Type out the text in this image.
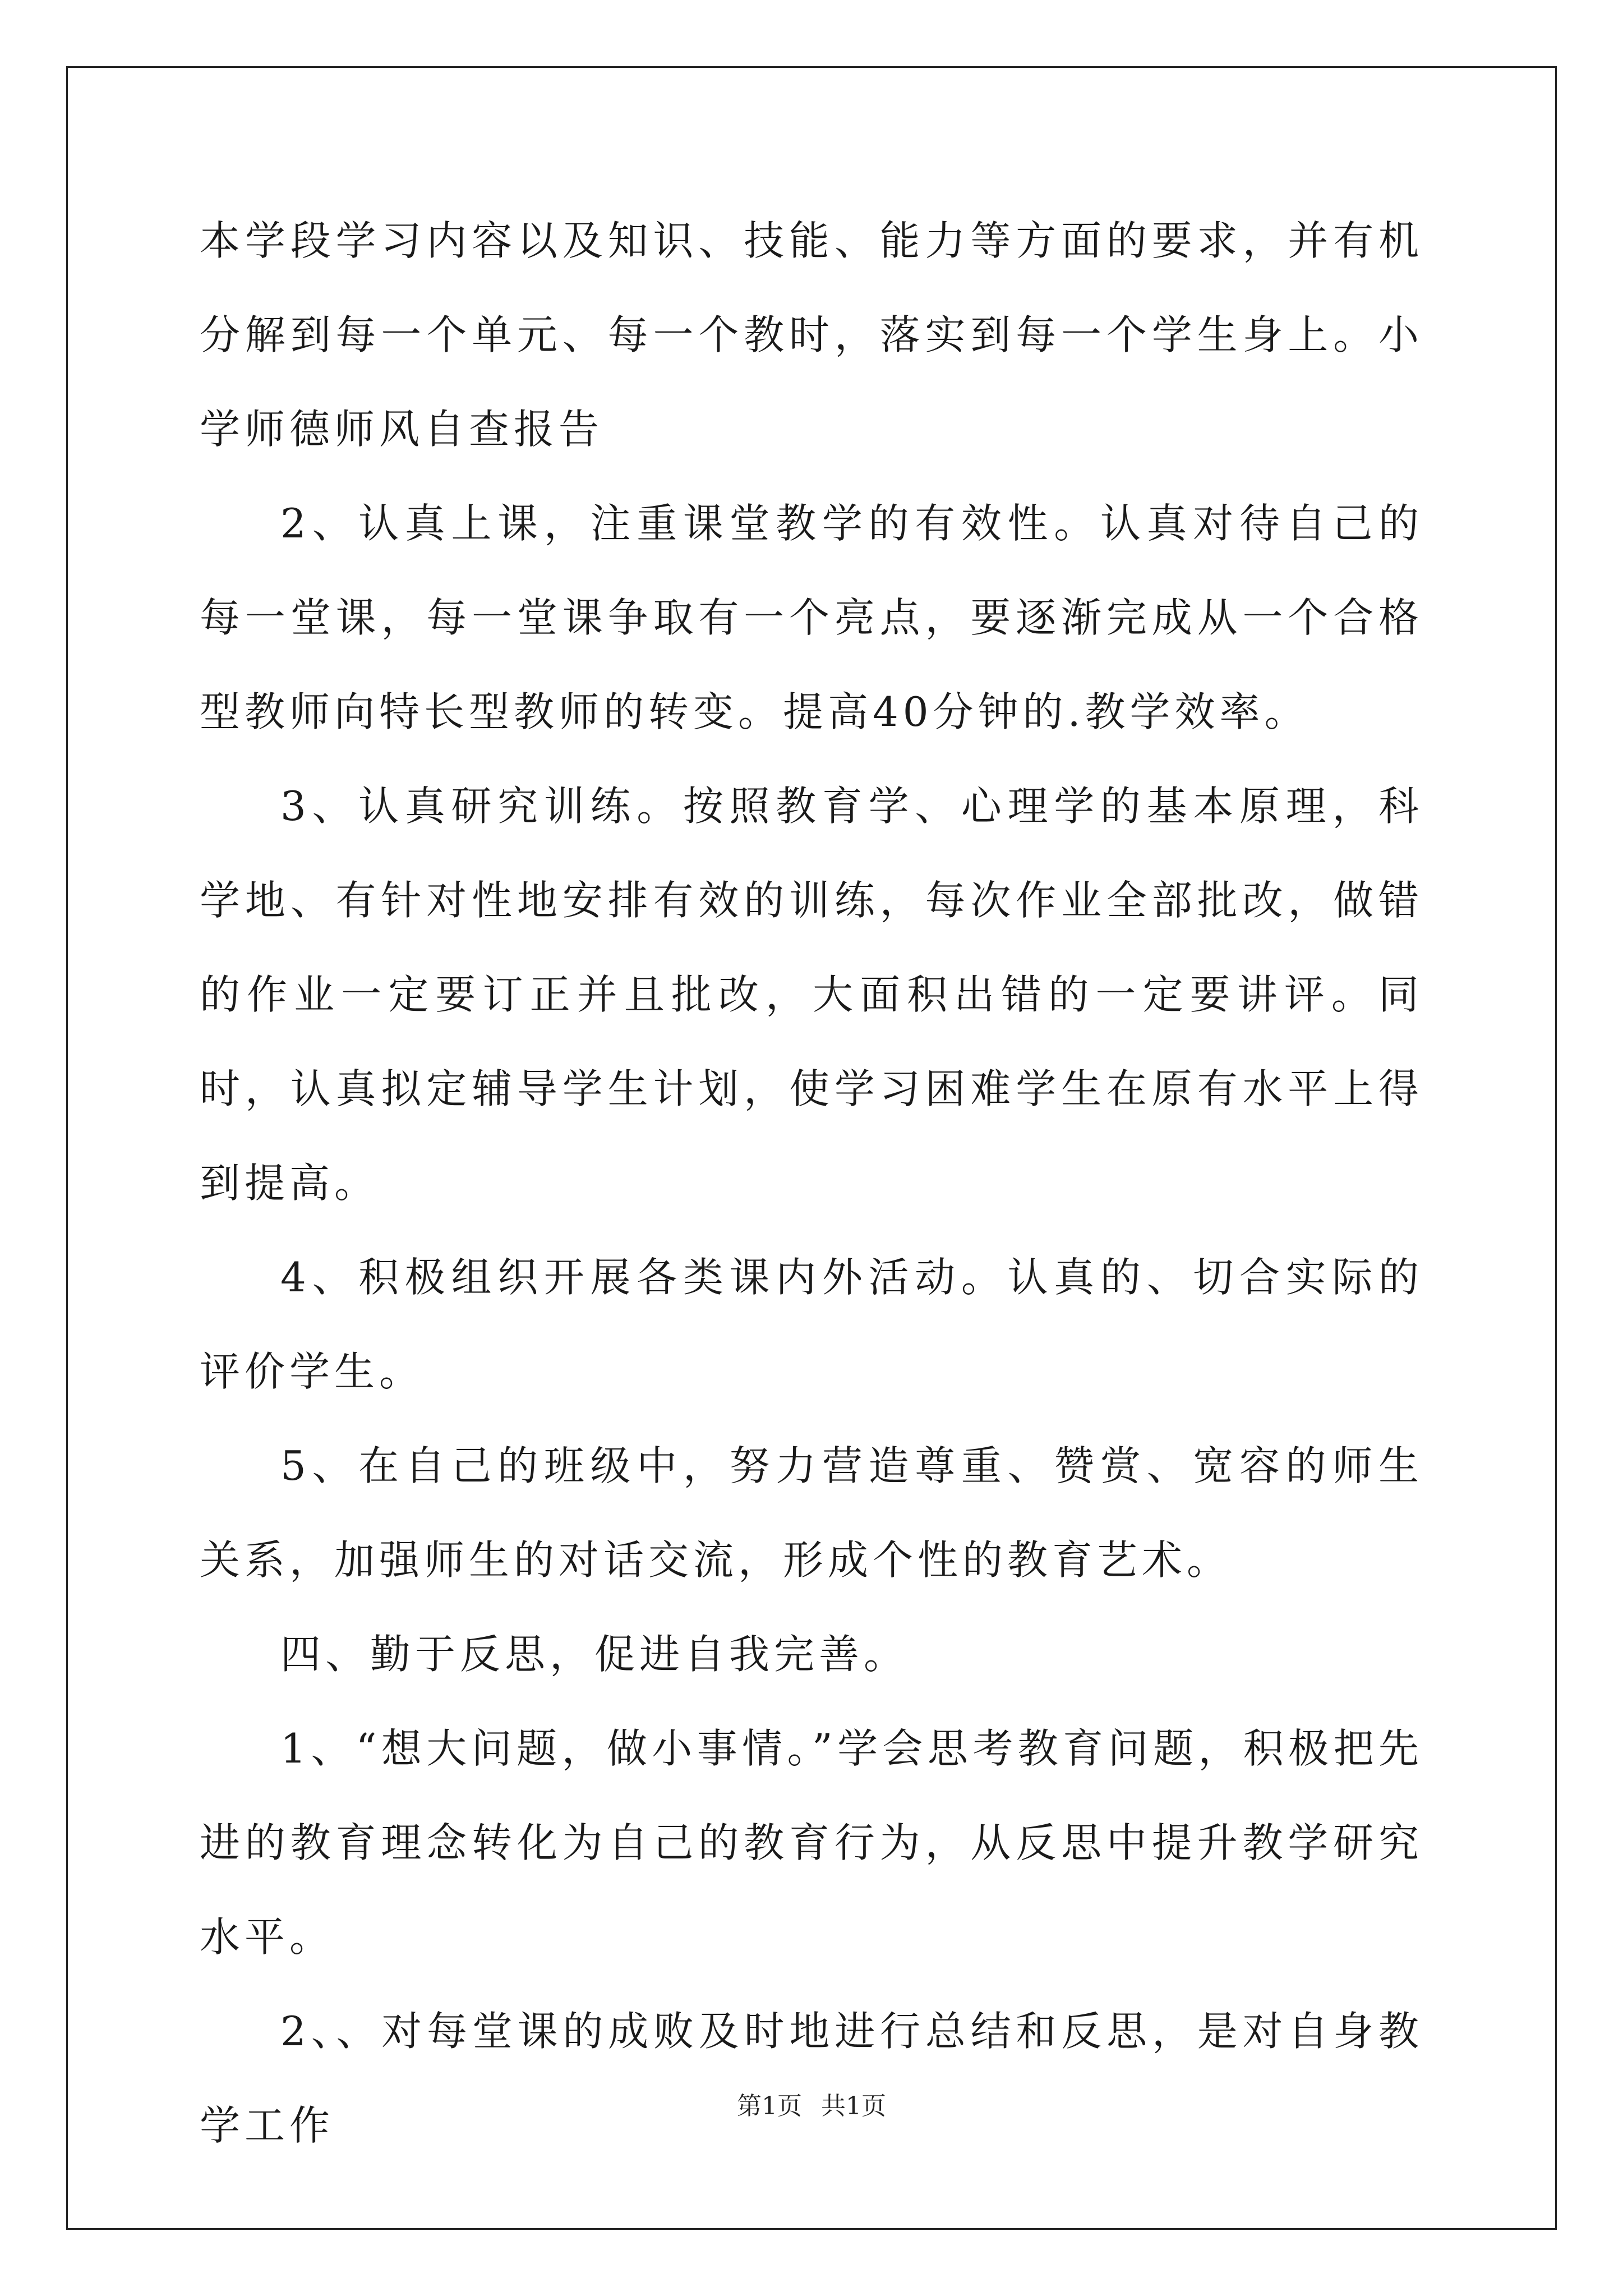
本学段学习内容以及知识、技能、能力等方面的要求，并有机分解到每一个单元、每一个教时，落实到每一个学生身上。小学师德师风自查报告

2、认真上课，注重课堂教学的有效性。认真对待自己的每一堂课，每一堂课争取有一个亮点，要逐渐完成从一个合格型教师向特长型教师的转变。提高40分钟的.教学效率。

3、认真研究训练。按照教育学、心理学的基本原理，科学地、有针对性地安排有效的训练，每次作业全部批改，做错的作业一定要订正并且批改，大面积出错的一定要讲评。同时，认真拟定辅导学生计划，使学习困难学生在原有水平上得到提高。

4、积极组织开展各类课内外活动。认真的、切合实际的评价学生。

5、在自己的班级中，努力营造尊重、赞赏、宽容的师生关系，加强师生的对话交流，形成个性的教育艺术。

四、勤于反思，促进自我完善。

1、“想大问题，做小事情。”学会思考教育问题，积极把先进的教育理念转化为自己的教育行为，从反思中提升教学研究水平。

2、、对每堂课的成败及时地进行总结和反思，是对自身教学工作	第1页 共1页
